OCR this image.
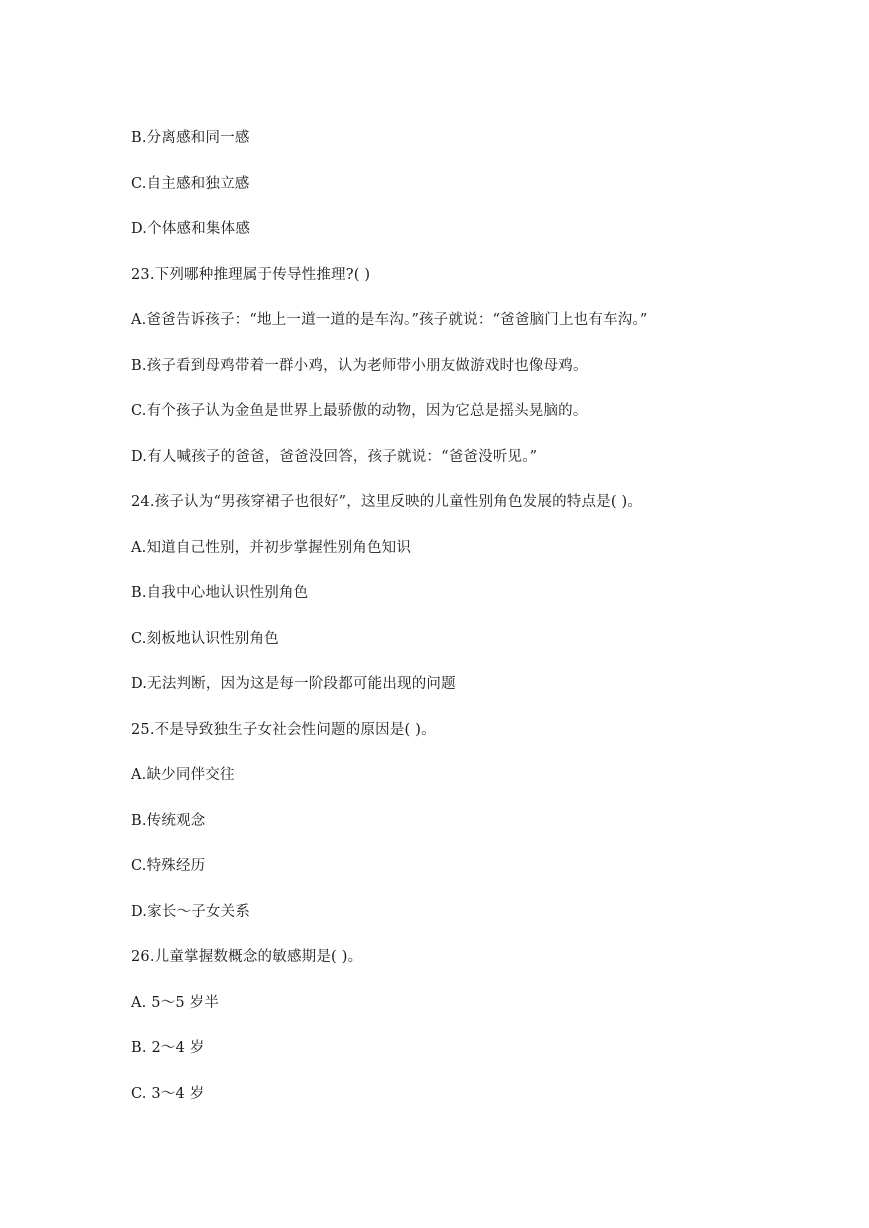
B.分离感和同一感
C.自主感和独立感
D.个体感和集体感
23.下列哪种推理属于传导性推理?( )
A.爸爸告诉孩子：“地上一道一道的是车沟。”孩子就说：“爸爸脑门上也有车沟。”
B.孩子看到母鸡带着一群小鸡，认为老师带小朋友做游戏时也像母鸡。
C.有个孩子认为金鱼是世界上最骄傲的动物，因为它总是摇头晃脑的。
D.有人喊孩子的爸爸，爸爸没回答，孩子就说：“爸爸没听见。”
24.孩子认为“男孩穿裙子也很好”，这里反映的儿童性别角色发展的特点是( )。
A.知道自己性别，并初步掌握性别角色知识
B.自我中心地认识性别角色
C.刻板地认识性别角色
D.无法判断，因为这是每一阶段都可能出现的问题
25.不是导致独生子女社会性问题的原因是( )。
A.缺少同伴交往
B.传统观念
C.特殊经历
D.家长～子女关系
26.儿童掌握数概念的敏感期是( )。
A. 5～5 岁半
B. 2～4 岁
C. 3～4 岁
